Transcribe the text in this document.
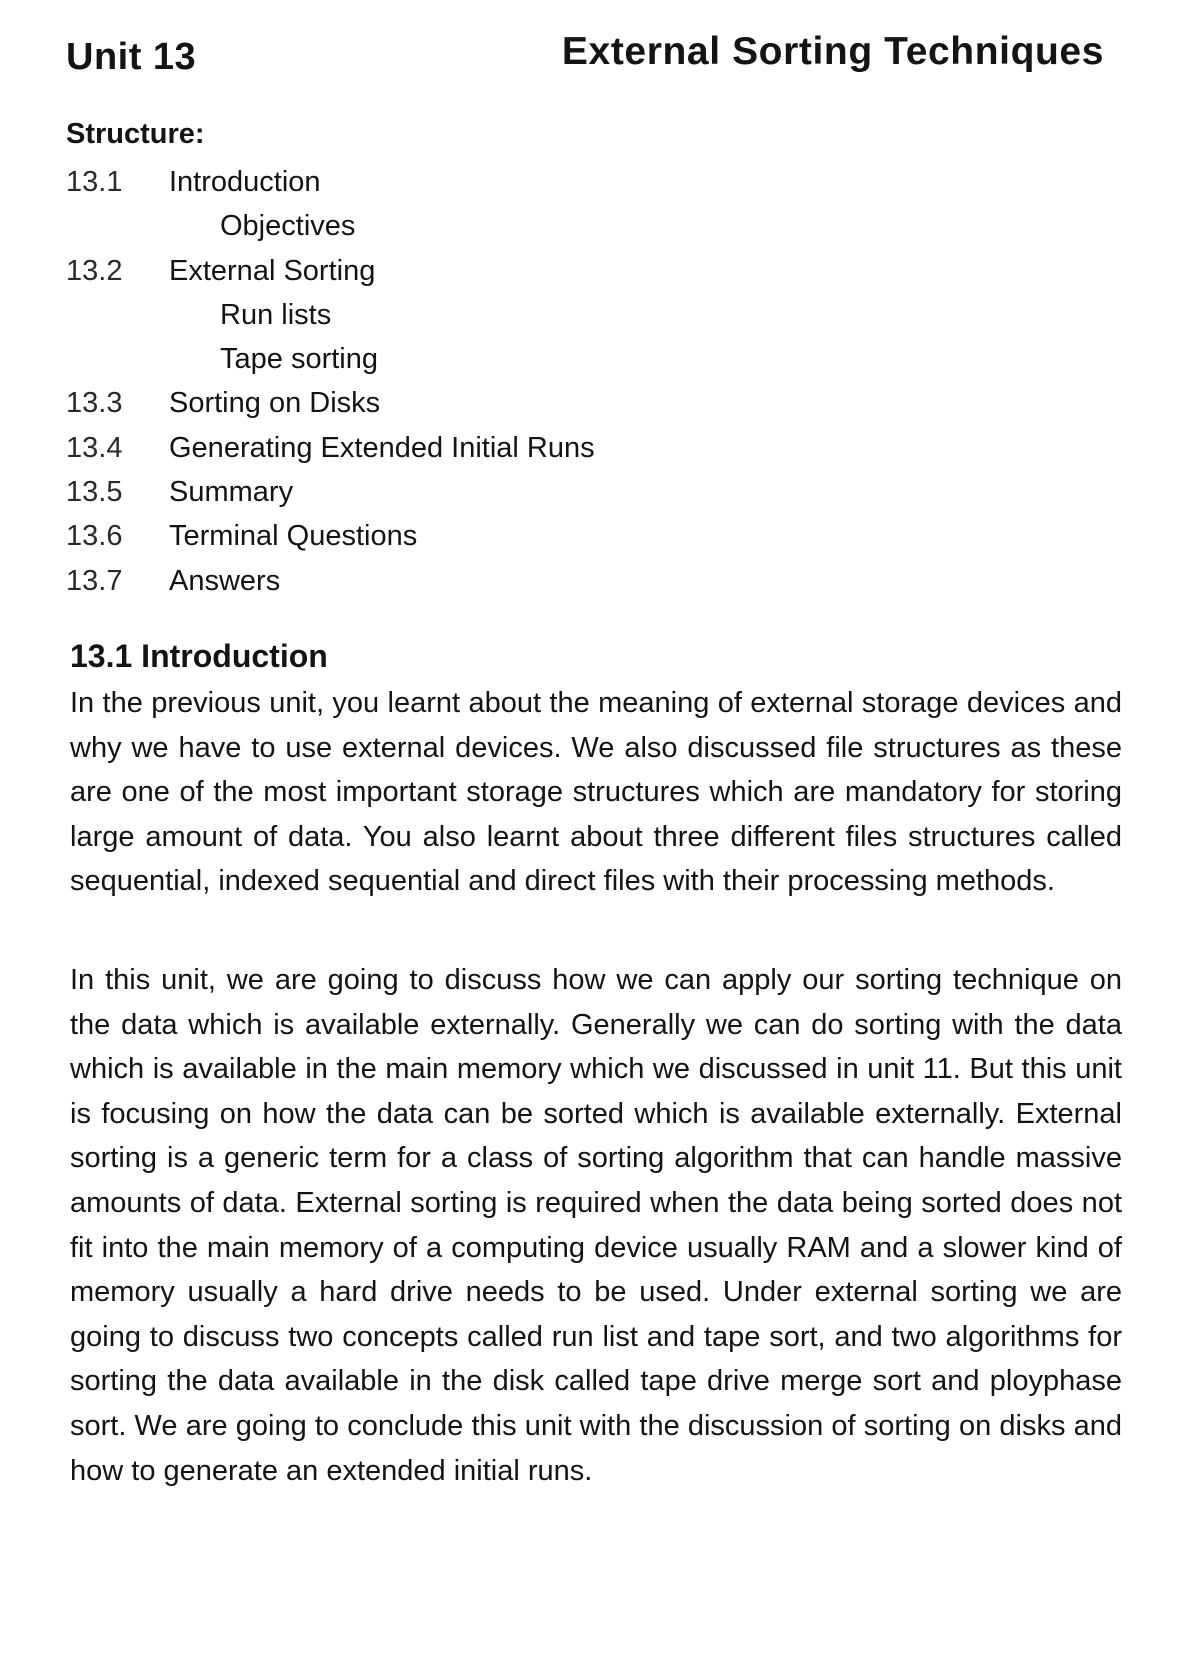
Unit 13	External Sorting Techniques
Structure:
13.1	Introduction
Objectives
13.2	External Sorting
Run lists
Tape sorting
13.3	Sorting on Disks
13.4	Generating Extended Initial Runs
13.5	Summary
13.6	Terminal Questions
13.7	Answers
13.1 Introduction

In the previous unit, you learnt about the meaning of external storage devices and why we have to use external devices. We also discussed file structures as these are one of the most important storage structures which are mandatory for storing large amount of data. You also learnt about three different files structures called sequential, indexed sequential and direct files with their processing methods.

In this unit, we are going to discuss how we can apply our sorting technique on the data which is available externally. Generally we can do sorting with the data which is available in the main memory which we discussed in unit 11. But this unit is focusing on how the data can be sorted which is available externally. External sorting is a generic term for a class of sorting algorithm that can handle massive amounts of data. External sorting is required when the data being sorted does not fit into the main memory of a computing device usually RAM and a slower kind of memory usually a hard drive needs to be used. Under external sorting we are going to discuss two concepts called run list and tape sort, and two algorithms for sorting the data available in the disk called tape drive merge sort and ployphase sort. We are going to conclude this unit with the discussion of sorting on disks and how to generate an extended initial runs.
